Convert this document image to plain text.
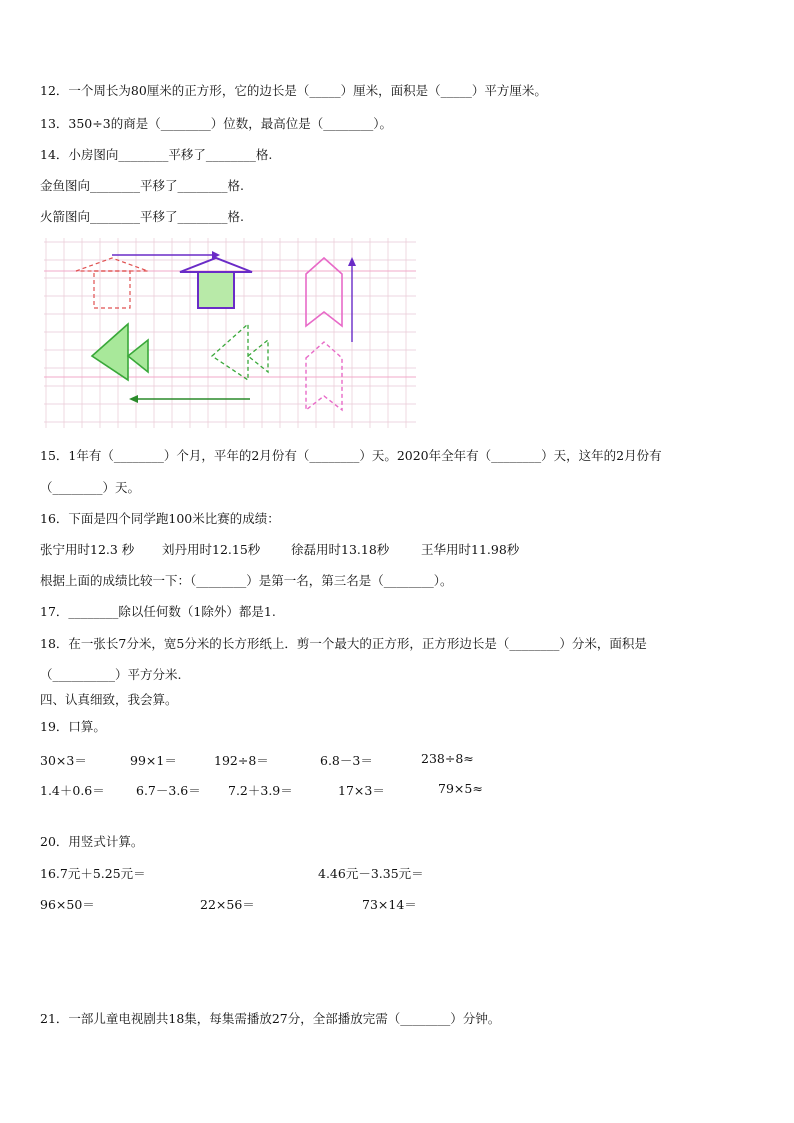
12．一个周长为80厘米的正方形，它的边长是（_____）厘米，面积是（_____）平方厘米。
13．350÷3的商是（________）位数，最高位是（________）。
14．小房图向________平移了________格.
金鱼图向________平移了________格.
火箭图向________平移了________格.
15．1年有（________）个月，平年的2月份有（________）天。2020年全年有（________）天，这年的2月份有
（________）天。
16．下面是四个同学跑100米比赛的成绩：
张宁用时12.3 秒 刘丹用时12.15秒 徐磊用时13.18秒	王华用时11.98秒
根据上面的成绩比较一下：（________）是第一名，第三名是（________）。
17．________除以任何数（1除外）都是1.
18．在一张长7分米，宽5分米的长方形纸上．剪一个最大的正方形，正方形边长是（________）分米，面积是
（__________）平方分米.
四、认真细致，我会算。
19．口算。
30×3＝	99×1＝	192÷8＝	6.8－3＝	238÷8≈
1.4＋0.6＝ 6.7－3.6＝ 7.2＋3.9＝	17×3＝	79×5≈
20．用竖式计算。
16.7元＋5.25元＝	4.46元－3.35元＝
96×50＝	22×56＝	73×14＝
21．一部儿童电视剧共18集，每集需播放27分，全部播放完需（________）分钟。
